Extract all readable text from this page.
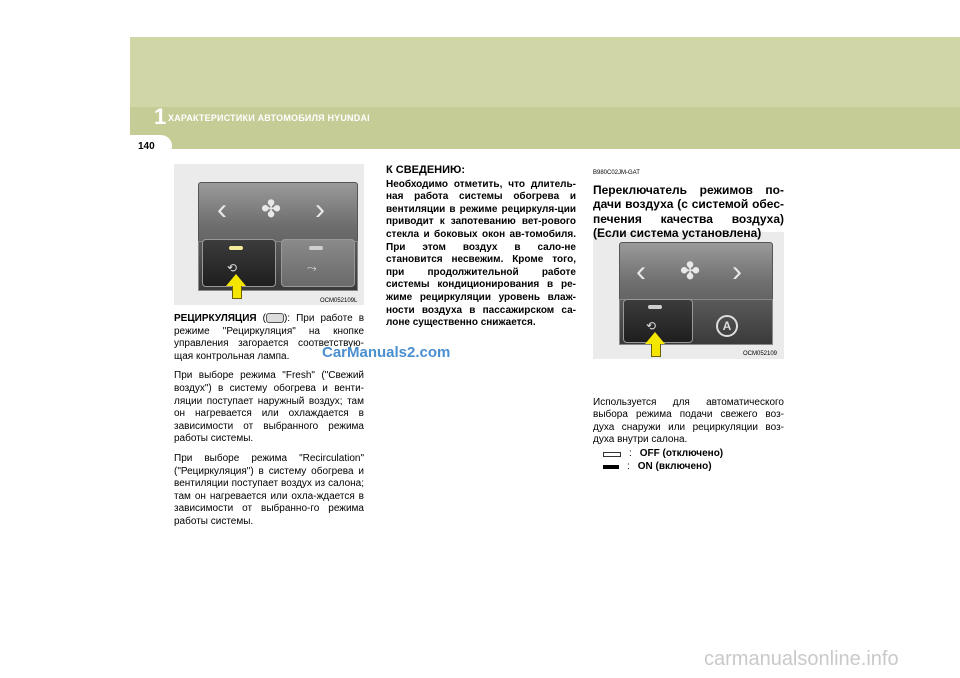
1 ХАРАКТЕРИСТИКИ АВТОМОБИЛЯ HYUNDAI
140
‹ ✤ ›
⟲	⤳
OCM052109L
‹ ✤ ›
⟲	A
OCM052109

РЕЦИРКУЛЯЦИЯ ( ): При работе в режиме "Рециркуляция" на кнопке управления загорается соответствую-щая контрольная лампа.

При выборе режима "Fresh" ("Свежий воздух") в систему обогрева и венти-ляции поступает наружный воздух; там он нагревается или охлаждается в зависимости от выбранного режима работы системы.

При выборе режима "Recirculation" ("Рециркуляция") в систему обогрева и вентиляции поступает воздух из салона; там он нагревается или охла-ждается в зависимости от выбранно-го режима работы системы.

К СВЕДЕНИЮ:
Необходимо отметить, что длитель-ная работа системы обогрева и вентиляции в режиме рециркуля-ции приводит к запотеванию вет-рового стекла и боковых окон ав-томобиля. При этом воздух в сало-не становится несвежим. Кроме того, при продолжительной работе системы кондиционирования в ре-жиме рециркуляции уровень влаж-ности воздуха в пассажирском са-лоне существенно снижается.
B980C02JM-GAT
Переключатель режимов по-дачи воздуха (с системой обес-печения качества воздуха) (Если система установлена)

Используется для автоматического выбора режима подачи свежего воз-духа снаружи или рециркуляции воз-духа внутри салона.

: OFF (отключено)
: ON (включено)
CarManuals2.com
carmanualsonline.info
